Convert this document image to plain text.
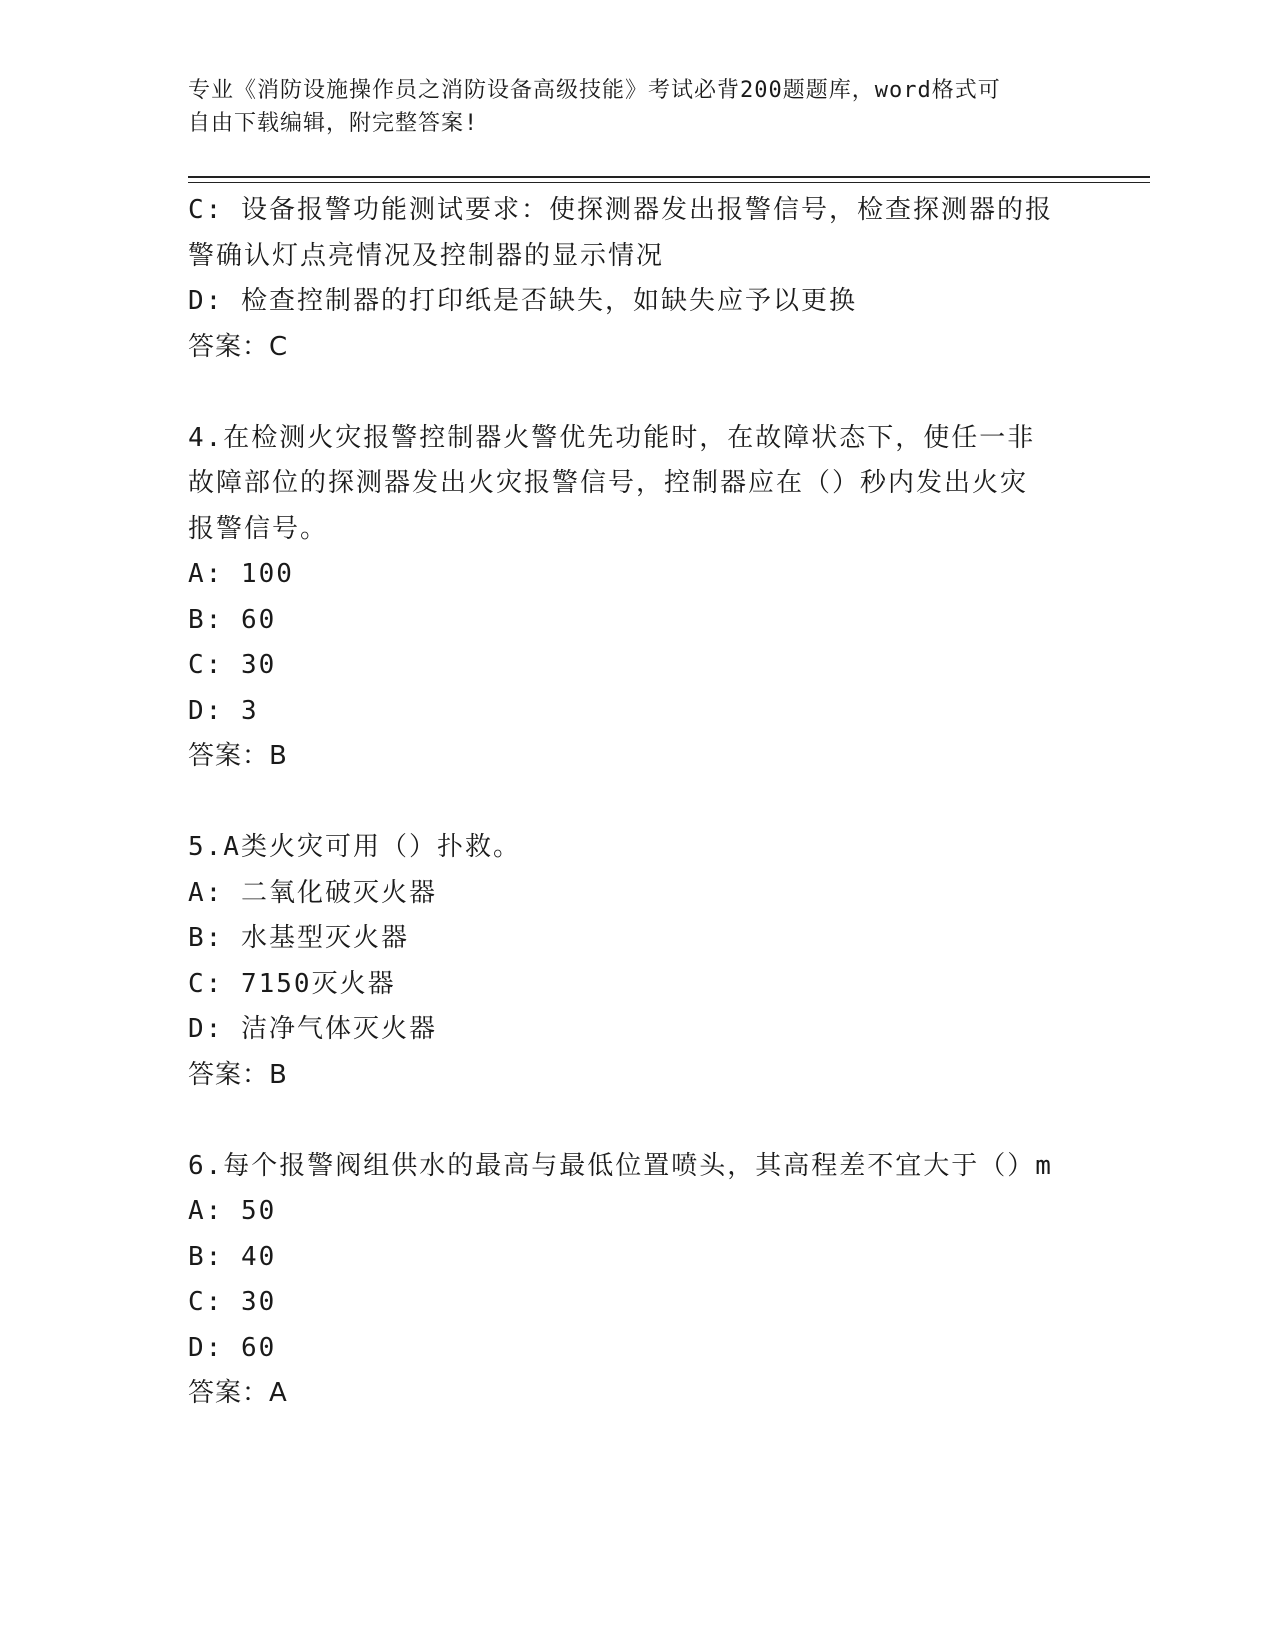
专业《消防设施操作员之消防设备高级技能》考试必背200题题库，word格式可
自由下载编辑，附完整答案!
C: 设备报警功能测试要求：使探测器发出报警信号，检查探测器的报
警确认灯点亮情况及控制器的显示情况
D: 检查控制器的打印纸是否缺失，如缺失应予以更换
答案：C
4.在检测火灾报警控制器火警优先功能时，在故障状态下，使任一非
故障部位的探测器发出火灾报警信号，控制器应在（）秒内发出火灾
报警信号。
A: 100
B: 60
C: 30
D: 3
答案：B
5.A类火灾可用（）扑救。
A: 二氧化破灭火器
B: 水基型灭火器
C: 7150灭火器
D: 洁净气体灭火器
答案：B
6.每个报警阀组供水的最高与最低位置喷头，其高程差不宜大于（）m
A: 50
B: 40
C: 30
D: 60
答案：A
